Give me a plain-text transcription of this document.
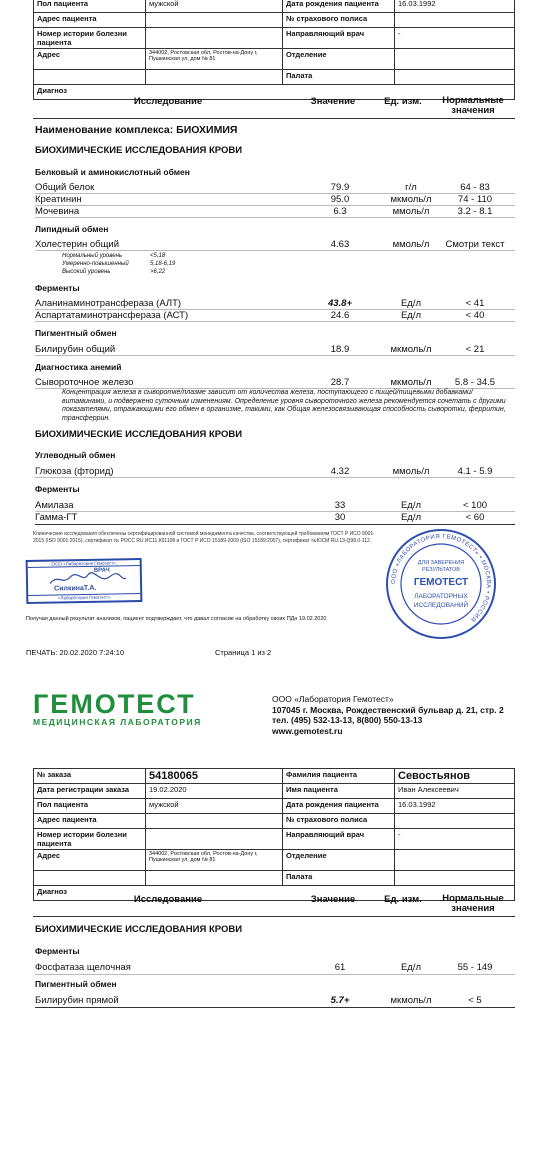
Пол пациента	мужской	Дата рождения пациента	16.03.1992
Адрес пациента		№ страхового полиса	
Номер истории болезни пациента		Направляющий врач	-
Адрес	344002, Ростовская обл, Ростов-на-Дону г, Пушкинская ул, дом № 81	Отделение	
		Палата	
Диагноз			
Исследование	Значение	Ед. изм.	Нормальные значения
Наименование комплекса: БИОХИМИЯ
БИОХИМИЧЕСКИЕ ИССЛЕДОВАНИЯ КРОВИ
Белковый и аминокислотный обмен
Общий белок	79.9	г/л	64 - 83
Креатинин	95.0	мкмоль/л	74 - 110
Мочевина	6.3	ммоль/л	3.2 - 8.1
Липидный обмен
Холестерин общий	4.63	ммоль/л	Смотри текст
Нормальный уровень	<5,18
Умеренно-повышенный	5,18-6,19
Высокий уровень	>6,22
Ферменты
Аланинаминотрансфераза (АЛТ)	43.8+	Ед/л	< 41
Аспартатаминотрансфераза (АСТ)	24.6	Ед/л	< 40
Пигментный обмен
Билирубин общий	18.9	мкмоль/л	< 21
Диагностика анемий
Сывороточное железо	28.7	мкмоль/л	5.8 - 34.5
Концентрация железа в сыворотке/плазме зависит от количества железа, поступающего с пищей/пищевыми добавками/витаминами, и подвержено суточным изменениям. Определение уровня сывороточного железа рекомендуется сочетать с другими показателями, отражающими его обмен в организме, такими, как Общая железосвязывающая способность сыворотки, ферритин, трансферрин.
БИОХИМИЧЕСКИЕ ИССЛЕДОВАНИЯ КРОВИ
Углеводный обмен
Глюкоза (фторид)	4.32	ммоль/л	4.1 - 5.9
Ферменты
Амилаза	33	Ед/л	< 100
Гамма-ГТ	30	Ед/л	< 60
Клинические исследования обеспечены сертифицированной системой менеджмента качества, соответствующей требованиям ГОСТ Р ИСО 9001-2015 (ISO 9001:2015), сертификат № РОСС RU.ИС11.К01108 и ГОСТ Р ИСО 15189-2009 (ISO 15189:2007), сертификат №ЮСМ RU.13-Q98.0-112.
ООО «Лаборатория Гемотест»
ВРАЧ
СилкинаТ.А.
«Лаборатория Гемотест»
ООО «ЛАБОРАТОРИЯ ГЕМОТЕСТ» • МОСКВА • РОССИЯ
ДЛЯ ЗАВЕРЕНИЯ
РЕЗУЛЬТАТОВ
ГЕМОТЕСТ
ЛАБОРАТОРНЫХ
ИССЛЕДОВАНИЙ
Получая данный результат анализов, пациент подтверждает, что давал согласие на обработку своих ПДн 19.02.2020
ПЕЧАТЬ: 20.02.2020 7:24:10	Страница 1 из 2
ГЕМОТЕСТ
МЕДИЦИНСКАЯ ЛАБОРАТОРИЯ
ООО «Лаборатория Гемотест»
107045 г. Москва, Рождественский бульвар д. 21, стр. 2
тел. (495) 532-13-13, 8(800) 550-13-13
www.gemotest.ru
№ заказа	54180065	Фамилия пациента	Севостьянов
Дата регистрации заказа	19.02.2020	Имя пациента	Иван Алексеевич
Пол пациента	мужской	Дата рождения пациента	16.03.1992
Адрес пациента		№ страхового полиса	
Номер истории болезни пациента		Направляющий врач	-
Адрес	344002, Ростовская обл, Ростов-на-Дону г, Пушкинская ул, дом № 81	Отделение	
		Палата	
Диагноз			
Исследование	Значение	Ед. изм.	Нормальные значения
БИОХИМИЧЕСКИЕ ИССЛЕДОВАНИЯ КРОВИ
Ферменты
Фосфатаза щелочная	61	Ед/л	55 - 149
Пигментный обмен
Билирубин прямой	5.7+	мкмоль/л	< 5
